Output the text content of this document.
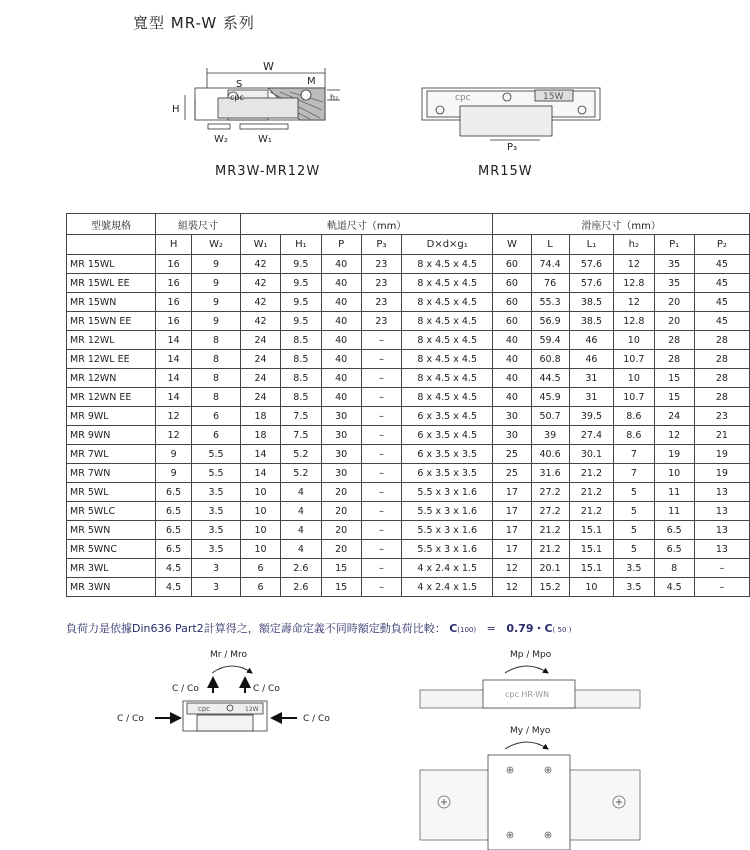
寬型 MR-W 系列
W
S	M
H
cpc
W₂	W₁
h₂	cpc	15W
P₃
MR3W-MR12W	MR15W
型號規格	組裝尺寸		軌道尺寸（mm）					滑座尺寸（mm）					
	H	W₂	W₁	H₁	P	P₃	D×d×g₁	W	L	L₁	h₂	P₁	P₂
MR 15WL	16	9	42	9.5	40	23	8 x 4.5 x 4.5	60	74.4	57.6	12	35	45
MR 15WL EE	16	9	42	9.5	40	23	8 x 4.5 x 4.5	60	76	57.6	12.8	35	45
MR 15WN	16	9	42	9.5	40	23	8 x 4.5 x 4.5	60	55.3	38.5	12	20	45
MR 15WN EE	16	9	42	9.5	40	23	8 x 4.5 x 4.5	60	56.9	38.5	12.8	20	45
MR 12WL	14	8	24	8.5	40	–	8 x 4.5 x 4.5	40	59.4	46	10	28	28
MR 12WL EE	14	8	24	8.5	40	–	8 x 4.5 x 4.5	40	60.8	46	10.7	28	28
MR 12WN	14	8	24	8.5	40	–	8 x 4.5 x 4.5	40	44.5	31	10	15	28
MR 12WN EE	14	8	24	8.5	40	–	8 x 4.5 x 4.5	40	45.9	31	10.7	15	28
MR 9WL	12	6	18	7.5	30	–	6 x 3.5 x 4.5	30	50.7	39.5	8.6	24	23
MR 9WN	12	6	18	7.5	30	–	6 x 3.5 x 4.5	30	39	27.4	8.6	12	21
MR 7WL	9	5.5	14	5.2	30	–	6 x 3.5 x 3.5	25	40.6	30.1	7	19	19
MR 7WN	9	5.5	14	5.2	30	–	6 x 3.5 x 3.5	25	31.6	21.2	7	10	19
MR 5WL	6.5	3.5	10	4	20	–	5.5 x 3 x 1.6	17	27.2	21.2	5	11	13
MR 5WLC	6.5	3.5	10	4	20	–	5.5 x 3 x 1.6	17	27.2	21.2	5	11	13
MR 5WN	6.5	3.5	10	4	20	–	5.5 x 3 x 1.6	17	21.2	15.1	5	6.5	13
MR 5WNC	6.5	3.5	10	4	20	–	5.5 x 3 x 1.6	17	21.2	15.1	5	6.5	13
MR 3WL	4.5	3	6	2.6	15	–	4 x 2.4 x 1.5	12	20.1	15.1	3.5	8	–
MR 3WN	4.5	3	6	2.6	15	–	4 x 2.4 x 1.5	12	15.2	10	3.5	4.5	–
負荷力是依據Din636 Part2計算得之，額定壽命定義不同時額定動負荷比較： C(100) = 0.79・C( 50 )
Mr / Mro
C / Co	C / Co
cpc	12W
C / Co	C / Co
Mp / Mpo
cpc HR-WN
My / Myo
